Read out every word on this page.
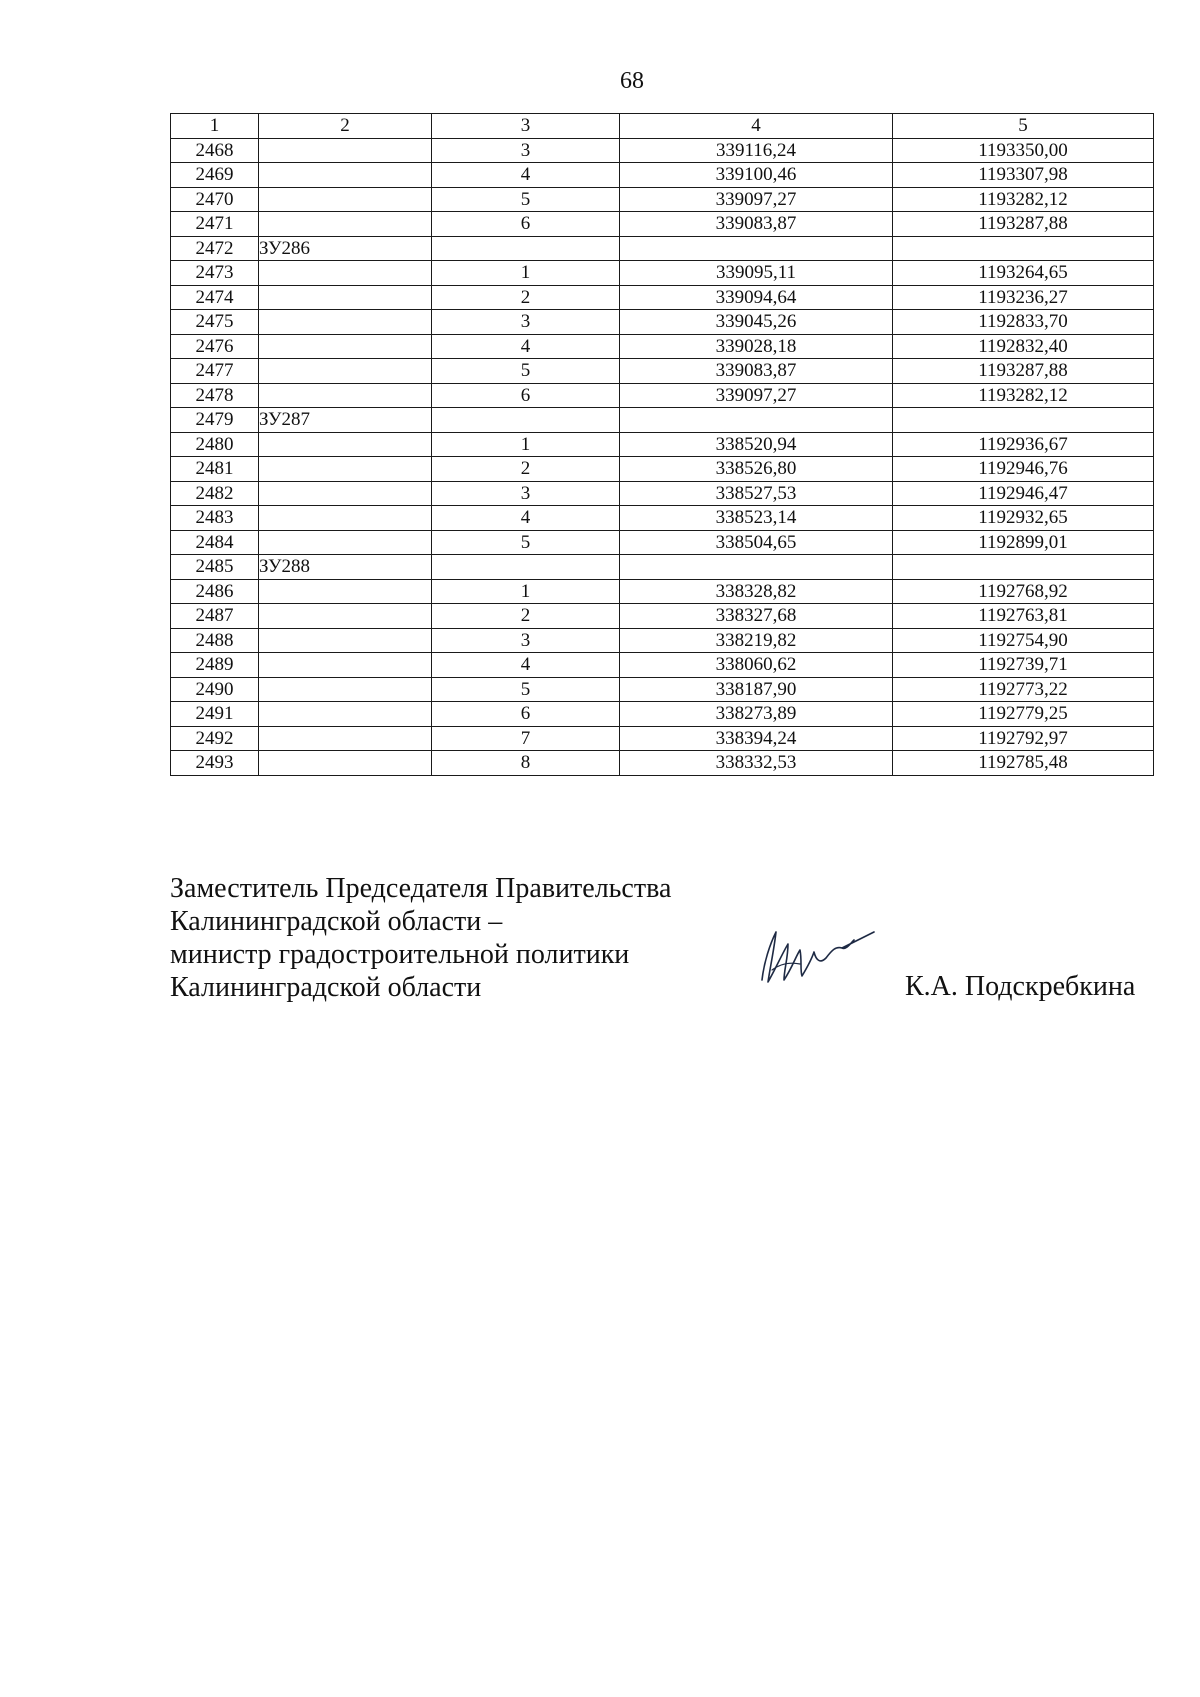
68
1	2	3	4	5
2468		3	339116,24	1193350,00
2469		4	339100,46	1193307,98
2470		5	339097,27	1193282,12
2471		6	339083,87	1193287,88
2472	ЗУ286			
2473		1	339095,11	1193264,65
2474		2	339094,64	1193236,27
2475		3	339045,26	1192833,70
2476		4	339028,18	1192832,40
2477		5	339083,87	1193287,88
2478		6	339097,27	1193282,12
2479	ЗУ287			
2480		1	338520,94	1192936,67
2481		2	338526,80	1192946,76
2482		3	338527,53	1192946,47
2483		4	338523,14	1192932,65
2484		5	338504,65	1192899,01
2485	ЗУ288			
2486		1	338328,82	1192768,92
2487		2	338327,68	1192763,81
2488		3	338219,82	1192754,90
2489		4	338060,62	1192739,71
2490		5	338187,90	1192773,22
2491		6	338273,89	1192779,25
2492		7	338394,24	1192792,97
2493		8	338332,53	1192785,48
Заместитель Председателя Правительства
Калининградской области –
министр градостроительной политики
Калининградской области	К.А. Подскребкина
